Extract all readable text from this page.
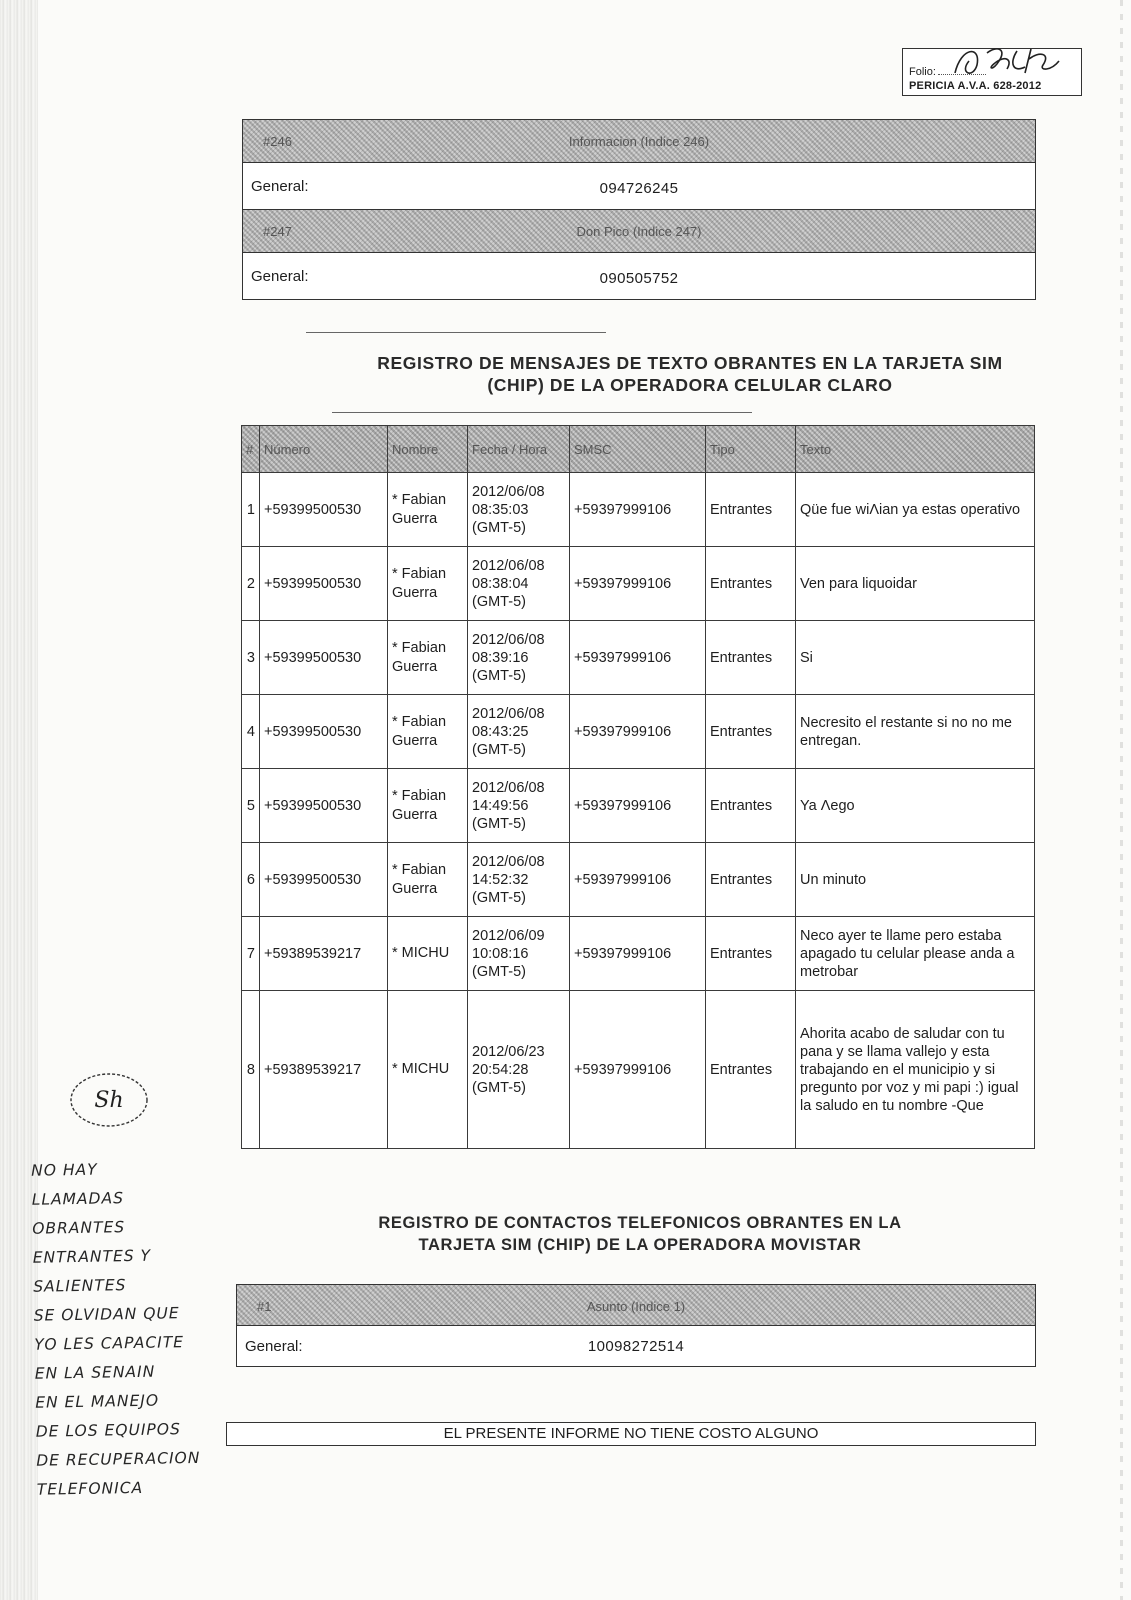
Folio:
PERICIA A.V.A. 628-2012
#246	Informacion (Indice 246)
General:	094726245
#247	Don Pico (Indice 247)
General:	090505752
REGISTRO DE MENSAJES DE TEXTO OBRANTES EN LA TARJETA SIM
(CHIP) DE LA OPERADORA CELULAR CLARO
#	Número	Nombre	Fecha / Hora	SMSC	Tipo	Texto
1	+59399500530	* Fabian Guerra	2012/06/08
08:35:03
(GMT-5)	+59397999106	Entrantes	Qüe fue wiΛian ya estas operativo
2	+59399500530	* Fabian Guerra	2012/06/08
08:38:04
(GMT-5)	+59397999106	Entrantes	Ven para liquoidar
3	+59399500530	* Fabian Guerra	2012/06/08
08:39:16
(GMT-5)	+59397999106	Entrantes	Si
4	+59399500530	* Fabian Guerra	2012/06/08
08:43:25
(GMT-5)	+59397999106	Entrantes	Necresito el restante si no no me entregan.
5	+59399500530	* Fabian Guerra	2012/06/08
14:49:56
(GMT-5)	+59397999106	Entrantes	Ya Λego
6	+59399500530	* Fabian Guerra	2012/06/08
14:52:32
(GMT-5)	+59397999106	Entrantes	Un minuto
7	+59389539217	* MICHU	2012/06/09
10:08:16
(GMT-5)	+59397999106	Entrantes	Neco ayer te llame pero estaba apagado tu celular please anda a metrobar
8	+59389539217	* MICHU	2012/06/23
20:54:28
(GMT-5)	+59397999106	Entrantes	Ahorita acabo de saludar con tu pana y se llama vallejo y esta trabajando en el municipio y si pregunto por voz y mi papi :) igual la saludo en tu nombre -Que
REGISTRO DE CONTACTOS TELEFONICOS OBRANTES EN LA
TARJETA SIM (CHIP) DE LA OPERADORA MOVISTAR
#1	Asunto (Indice 1)
General:	10098272514
EL PRESENTE INFORME NO TIENE COSTO ALGUNO
Sh
NO HAY
LLAMADAS
OBRANTES
ENTRANTES Y
SALIENTES
SE OLVIDAN QUE
YO LES CAPACITE
EN LA SENAIN
EN EL MANEJO
DE LOS EQUIPOS
DE RECUPERACION
TELEFONICA
